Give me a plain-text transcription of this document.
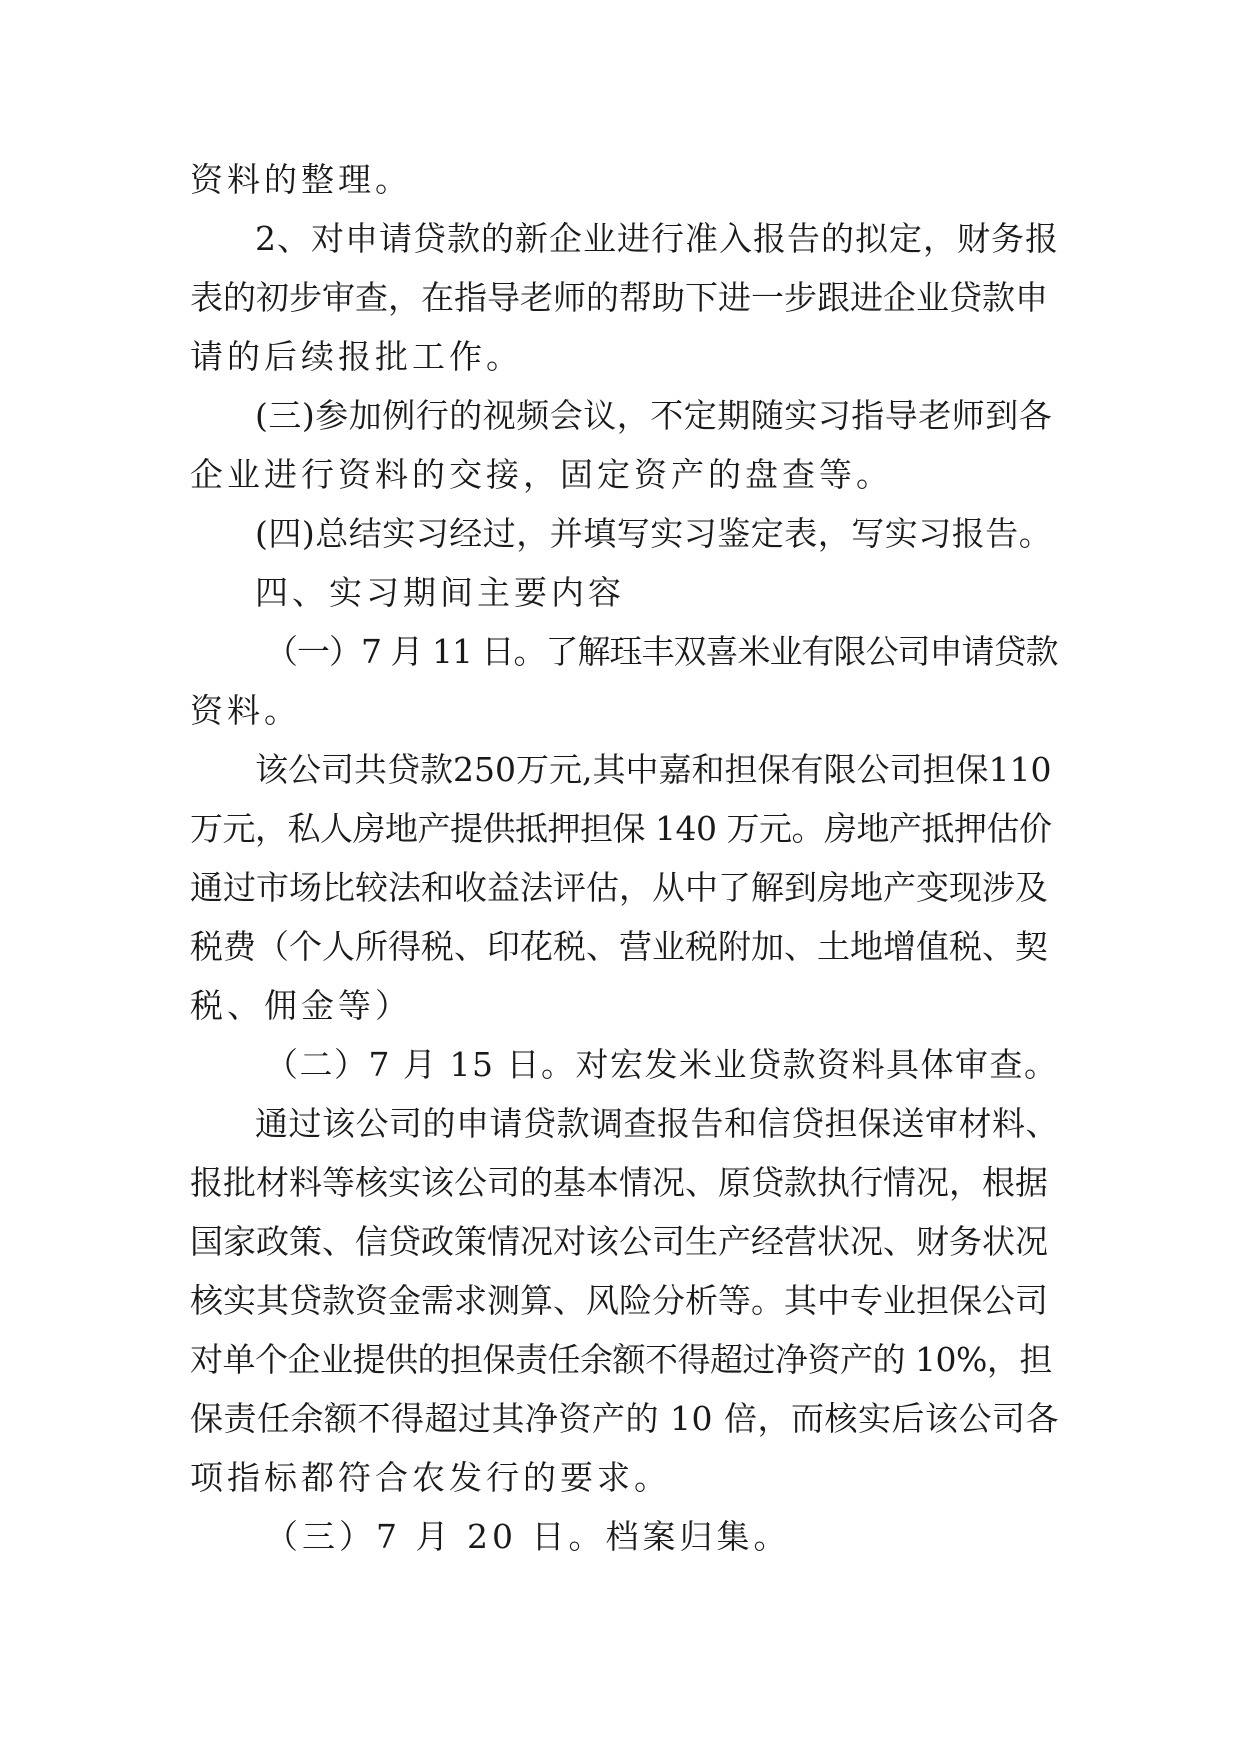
资料的整理。
2、对申请贷款的新企业进行准入报告的拟定，财务报
表的初步审查，在指导老师的帮助下进一步跟进企业贷款申
请的后续报批工作。
(三)参加例行的视频会议，不定期随实习指导老师到各
企业进行资料的交接，固定资产的盘查等。
(四)总结实习经过，并填写实习鉴定表，写实习报告。
四、实习期间主要内容
（一）7 月 11 日。了解珏丰双喜米业有限公司申请贷款
资料。
该公司共贷款250万元,其中嘉和担保有限公司担保110
万元，私人房地产提供抵押担保 140 万元。房地产抵押估价
通过市场比较法和收益法评估，从中了解到房地产变现涉及
税费（个人所得税、印花税、营业税附加、土地增值税、契
税、佣金等）
（二）7 月 15 日。对宏发米业贷款资料具体审查。
通过该公司的申请贷款调查报告和信贷担保送审材料、
报批材料等核实该公司的基本情况、原贷款执行情况，根据
国家政策、信贷政策情况对该公司生产经营状况、财务状况
核实其贷款资金需求测算、风险分析等。其中专业担保公司
对单个企业提供的担保责任余额不得超过净资产的 10%，担
保责任余额不得超过其净资产的 10 倍，而核实后该公司各
项指标都符合农发行的要求。
（三）7 月 20 日。档案归集。
